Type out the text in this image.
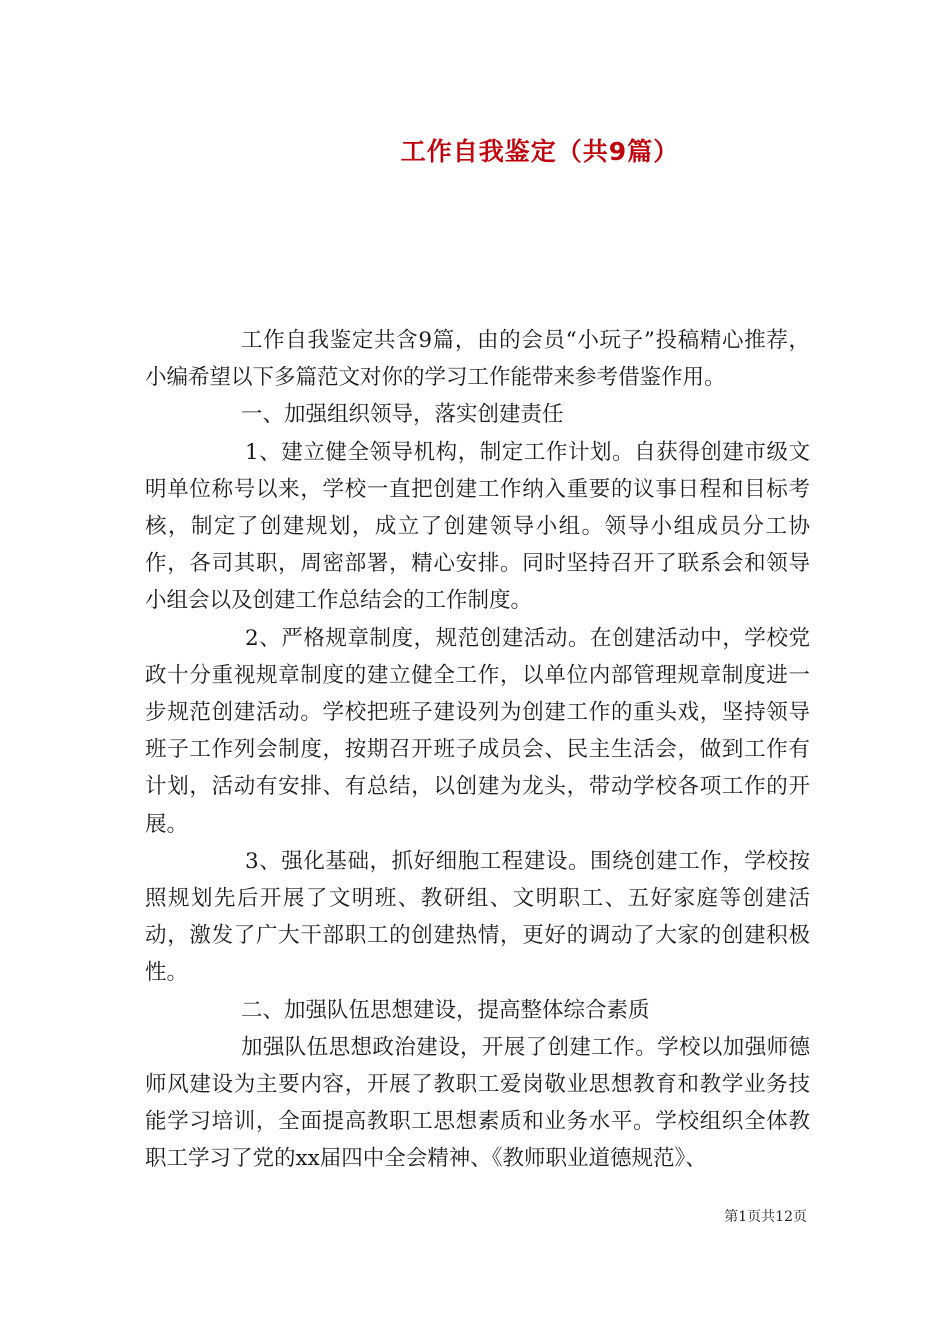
工作自我鉴定（共9篇）

工作自我鉴定共含9篇，由的会员“小玩子”投稿精心推荐，小编希望以下多篇范文对你的学习工作能带来参考借鉴作用。

一、加强组织领导，落实创建责任

1、建立健全领导机构，制定工作计划。自获得创建市级文明单位称号以来，学校一直把创建工作纳入重要的议事日程和目标考核，制定了创建规划，成立了创建领导小组。领导小组成员分工协作，各司其职，周密部署，精心安排。同时坚持召开了联系会和领导小组会以及创建工作总结会的工作制度。

2、严格规章制度，规范创建活动。在创建活动中，学校党政十分重视规章制度的建立健全工作，以单位内部管理规章制度进一步规范创建活动。学校把班子建设列为创建工作的重头戏，坚持领导班子工作列会制度，按期召开班子成员会、民主生活会，做到工作有计划，活动有安排、有总结，以创建为龙头，带动学校各项工作的开展。

3、强化基础，抓好细胞工程建设。围绕创建工作，学校按照规划先后开展了文明班、教研组、文明职工、五好家庭等创建活动，激发了广大干部职工的创建热情，更好的调动了大家的创建积极性。

二、加强队伍思想建设，提高整体综合素质

加强队伍思想政治建设，开展了创建工作。学校以加强师德师风建设为主要内容，开展了教职工爱岗敬业思想教育和教学业务技能学习培训，全面提高教职工思想素质和业务水平。学校组织全体教职工学习了党的xx届四中全会精神、《教师职业道德规范》、

第1页共12页
